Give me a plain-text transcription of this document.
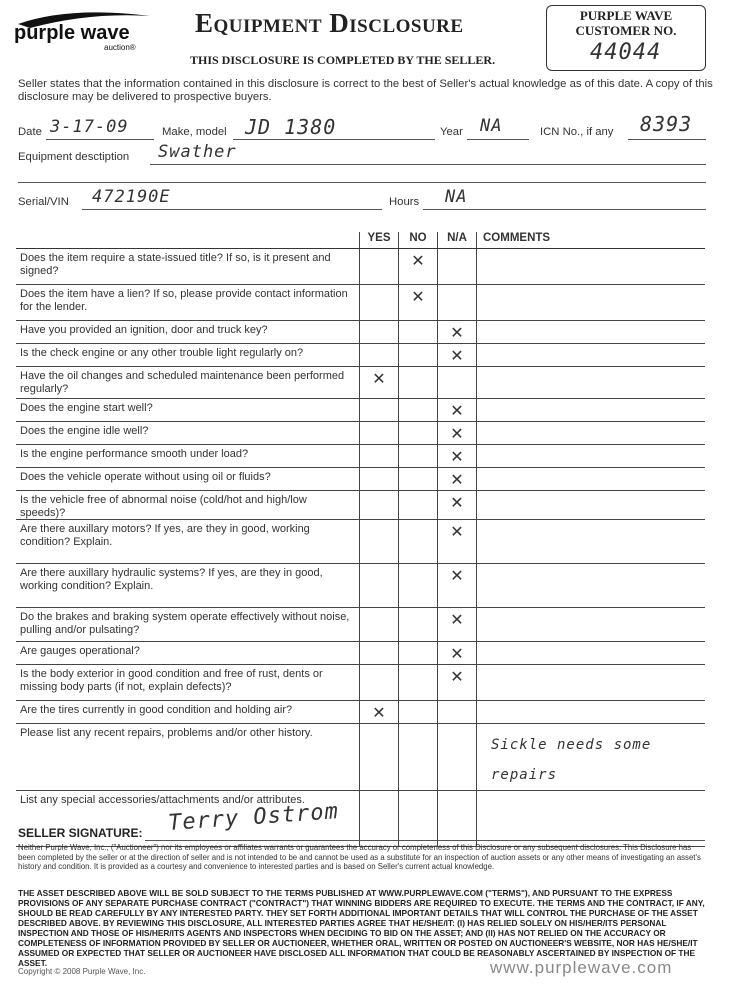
purple wave
auction®
Equipment Disclosure
THIS DISCLOSURE IS COMPLETED BY THE SELLER.
PURPLE WAVE CUSTOMER NO.
44044
Seller states that the information contained in this disclosure is correct to the best of Seller's actual knowledge as of this date. A copy of this disclosure may be delivered to prospective buyers.
Date 3-17-09	Make, model JD 1380	Year NA	ICN No., if any 8393
Equipment desctiption Swather
Serial/VIN 472190E	Hours NA
	YES	NO	N/A	COMMENTS
Does the item require a state-issued title? If so, is it present and signed?		✕		
Does the item have a lien? If so, please provide contact information for the lender.		✕		
Have you provided an ignition, door and truck key?			✕	
Is the check engine or any other trouble light regularly on?			✕	
Have the oil changes and scheduled maintenance been performed regularly?	✕			
Does the engine start well?			✕	
Does the engine idle well?			✕	
Is the engine performance smooth under load?			✕	
Does the vehicle operate without using oil or fluids?			✕	
Is the vehicle free of abnormal noise (cold/hot and high/low speeds)?			✕	
Are there auxillary motors? If yes, are they in good, working condition? Explain.			✕	
Are there auxillary hydraulic systems? If yes, are they in good, working condition? Explain.			✕	
Do the brakes and braking system operate effectively without noise, pulling and/or pulsating?			✕	
Are gauges operational?			✕	
Is the body exterior in good condition and free of rust, dents or missing body parts (if not, explain defects)?			✕	
Are the tires currently in good condition and holding air?	✕			
Please list any recent repairs, problems and/or other history.				Sickle needs some repairs

List any special accessories/attachments and/or attributes.				
SELLER SIGNATURE: Terry Ostrom
Neither Purple Wave, Inc., ("Auctioneer") nor its employees or affiliates warrants or guarantees the accuracy or completeness of this Disclosure or any subsequent disclosures. This Disclosure has been completed by the seller or at the direction of seller and is not intended to be and cannot be used as a substitute for an inspection of auction assets or any other means of investigating an asset's history and condition. It is provided as a courtesy and convenience to interested parties and is based on Seller's current actual knowledge.
THE ASSET DESCRIBED ABOVE WILL BE SOLD SUBJECT TO THE TERMS PUBLISHED AT WWW.PURPLEWAVE.COM ("TERMS"), AND PURSUANT TO THE EXPRESS PROVISIONS OF ANY SEPARATE PURCHASE CONTRACT ("CONTRACT") THAT WINNING BIDDERS ARE REQUIRED TO EXECUTE. THE TERMS AND THE CONTRACT, IF ANY, SHOULD BE READ CAREFULLY BY ANY INTERESTED PARTY. THEY SET FORTH ADDITIONAL IMPORTANT DETAILS THAT WILL CONTROL THE PURCHASE OF THE ASSET DESCRIBED ABOVE. BY REVIEWING THIS DISCLOSURE, ALL INTERESTED PARTIES AGREE THAT HE/SHE/IT: (I) HAS RELIED SOLELY ON HIS/HER/ITS PERSONAL INSPECTION AND THOSE OF HIS/HER/ITS AGENTS AND INSPECTORS WHEN DECIDING TO BID ON THE ASSET; AND (II) HAS NOT RELIED ON THE ACCURACY OR COMPLETENESS OF INFORMATION PROVIDED BY SELLER OR AUCTIONEER, WHETHER ORAL, WRITTEN OR POSTED ON AUCTIONEER'S WEBSITE, NOR HAS HE/SHE/IT ASSUMED OR EXPECTED THAT SELLER OR AUCTIONEER HAVE DISCLOSED ALL INFORMATION THAT COULD BE REASONABLY ASCERTAINED BY INSPECTION OF THE ASSET.
Copyright © 2008 Purple Wave, Inc.	www.purplewave.com
